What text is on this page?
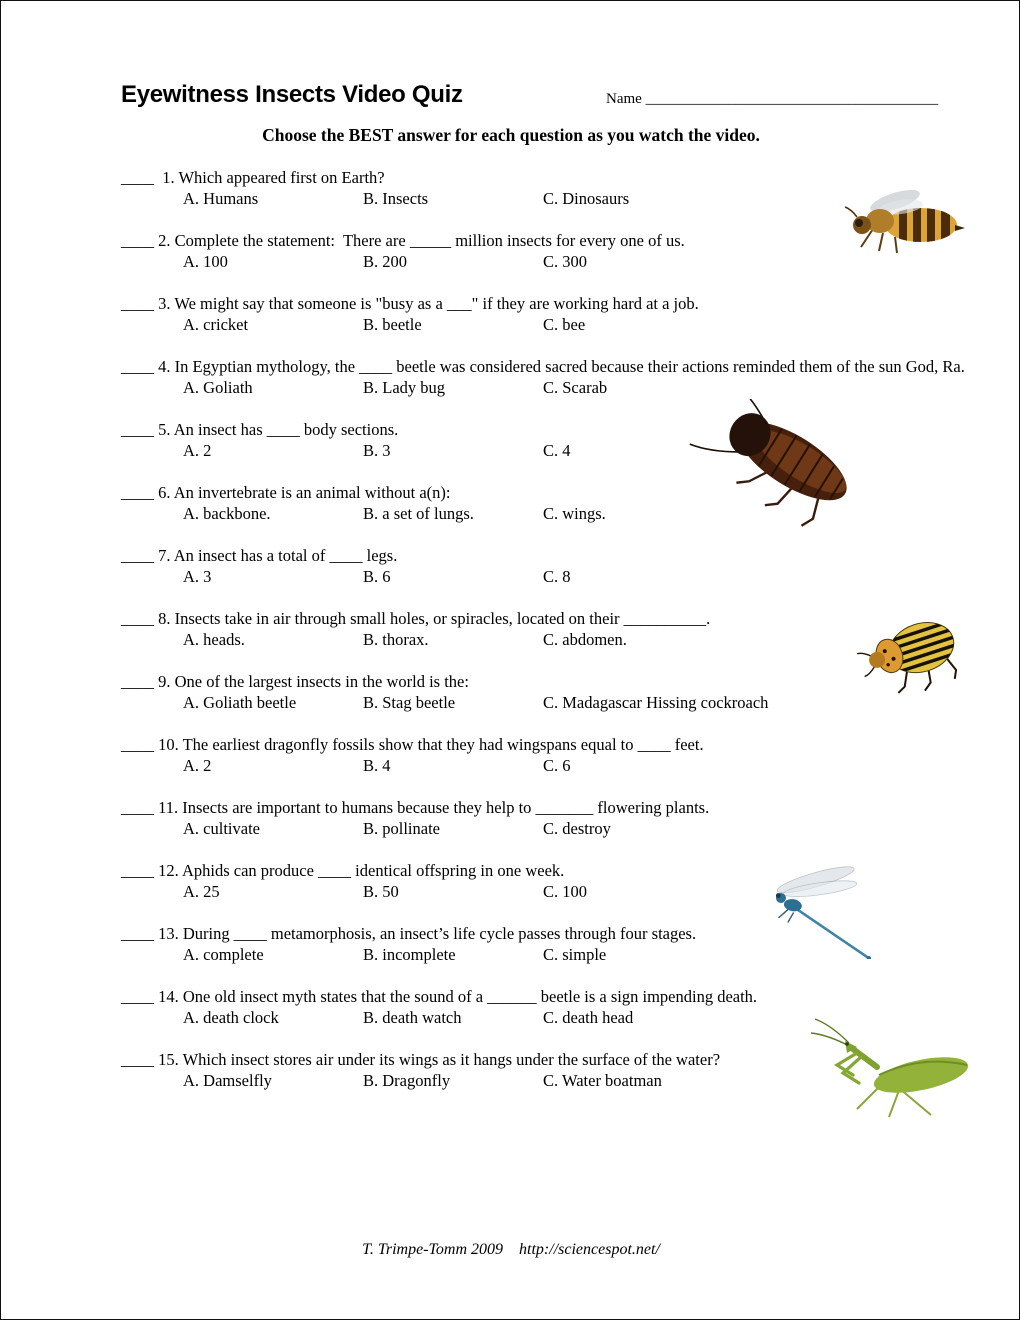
Eyewitness Insects Video Quiz	Name _______________________________________
Choose the BEST answer for each question as you watch the video.
____  1. Which appeared first on Earth?
A. Humans	B. Insects	C. Dinosaurs
____ 2. Complete the statement:  There are _____ million insects for every one of us.
A. 100	B. 200	C. 300
____ 3. We might say that someone is "busy as a ___" if they are working hard at a job.
A. cricket	B. beetle	C. bee
____ 4. In Egyptian mythology, the ____ beetle was considered sacred because their actions reminded them of the sun God, Ra.
A. Goliath	B. Lady bug	C. Scarab
____ 5. An insect has ____ body sections.
A. 2	B. 3	C. 4
____ 6. An invertebrate is an animal without a(n):
A. backbone.	B. a set of lungs.	C. wings.
____ 7. An insect has a total of ____ legs.
A. 3	B. 6	C. 8
____ 8. Insects take in air through small holes, or spiracles, located on their __________.
A. heads.	B. thorax.	C. abdomen.
____ 9. One of the largest insects in the world is the:
A. Goliath beetle	B. Stag beetle	C. Madagascar Hissing cockroach
____ 10. The earliest dragonfly fossils show that they had wingspans equal to ____ feet.
A. 2	B. 4	C. 6
____ 11. Insects are important to humans because they help to _______ flowering plants.
A. cultivate	B. pollinate	C. destroy
____ 12. Aphids can produce ____ identical offspring in one week.
A. 25	B. 50	C. 100
____ 13. During ____ metamorphosis, an insect’s life cycle passes through four stages.
A. complete	B. incomplete	C. simple
____ 14. One old insect myth states that the sound of a ______ beetle is a sign impending death.
A. death clock	B. death watch	C. death head
____ 15. Which insect stores air under its wings as it hangs under the surface of the water?
A. Damselfly	B. Dragonfly	C. Water boatman
T. Trimpe-Tomm 2009    http://sciencespot.net/
